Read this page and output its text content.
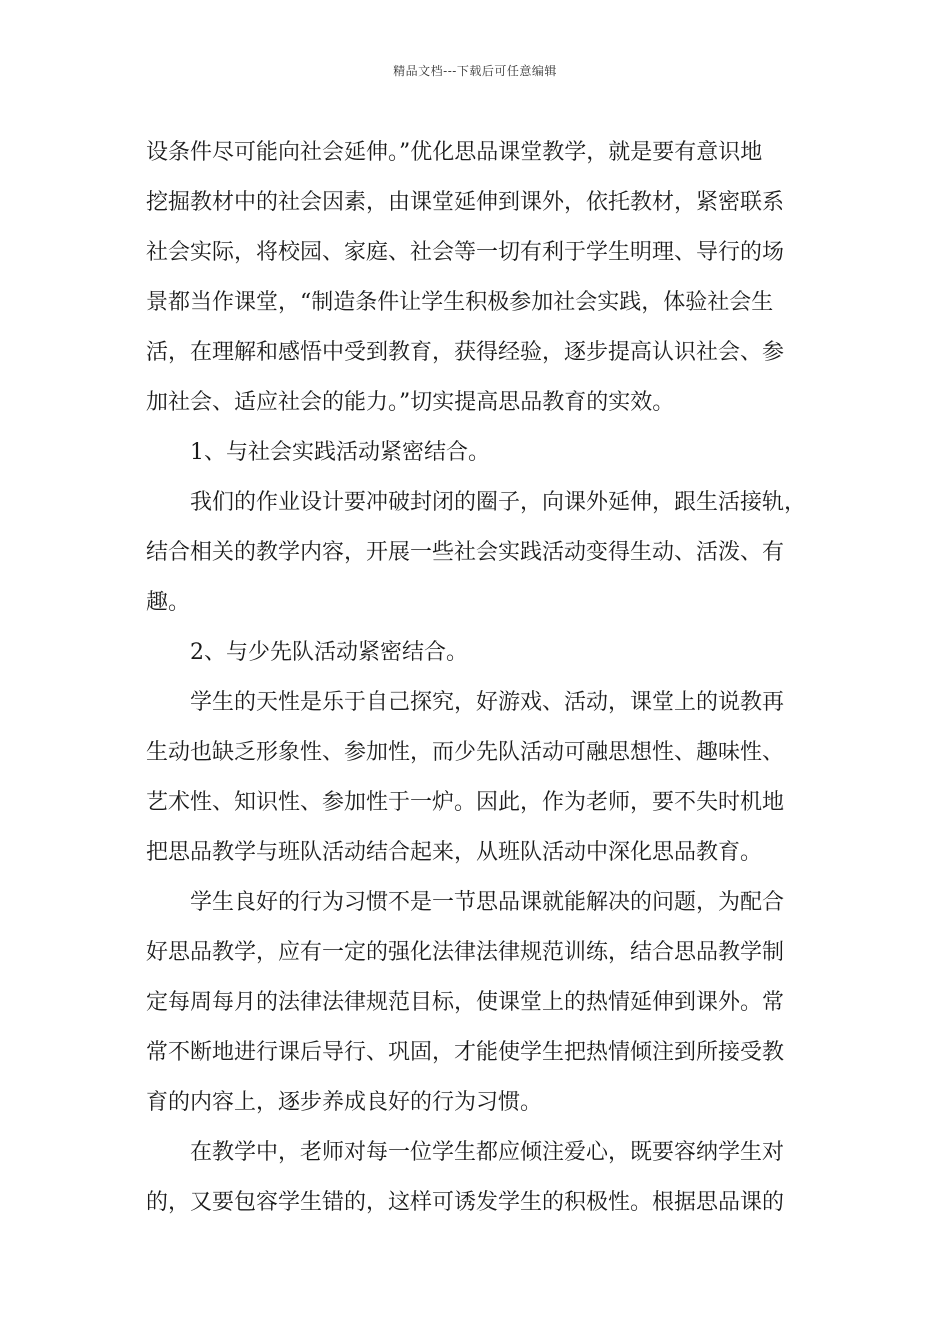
精品文档---下载后可任意编辑
设条件尽可能向社会延伸。”优化思品课堂教学，就是要有意识地
挖掘教材中的社会因素，由课堂延伸到课外，依托教材，紧密联系
社会实际，将校园、家庭、社会等一切有利于学生明理、导行的场
景都当作课堂，“制造条件让学生积极参加社会实践，体验社会生
活，在理解和感悟中受到教育，获得经验，逐步提高认识社会、参
加社会、适应社会的能力。”切实提高思品教育的实效。
1、与社会实践活动紧密结合。
我们的作业设计要冲破封闭的圈子，向课外延伸，跟生活接轨，
结合相关的教学内容，开展一些社会实践活动变得生动、活泼、有
趣。
2、与少先队活动紧密结合。
学生的天性是乐于自己探究，好游戏、活动，课堂上的说教再
生动也缺乏形象性、参加性，而少先队活动可融思想性、趣味性、
艺术性、知识性、参加性于一炉。因此，作为老师，要不失时机地
把思品教学与班队活动结合起来，从班队活动中深化思品教育。
学生良好的行为习惯不是一节思品课就能解决的问题，为配合
好思品教学，应有一定的强化法律法律规范训练，结合思品教学制
定每周每月的法律法律规范目标，使课堂上的热情延伸到课外。常
常不断地进行课后导行、巩固，才能使学生把热情倾注到所接受教
育的内容上，逐步养成良好的行为习惯。
在教学中，老师对每一位学生都应倾注爱心，既要容纳学生对
的，又要包容学生错的，这样可诱发学生的积极性。根据思品课的
